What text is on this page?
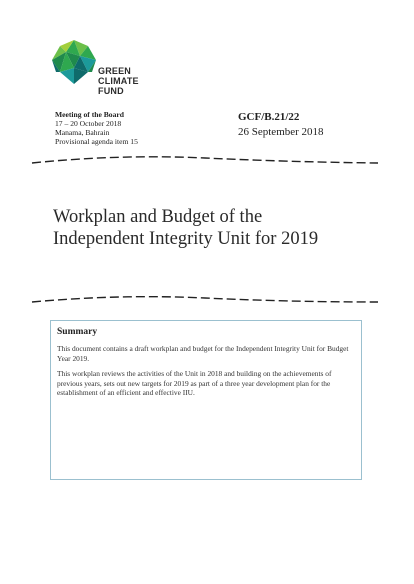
GREEN
CLIMATE
FUND
Meeting of the Board
17 – 20 October 2018
Manama, Bahrain
Provisional agenda item 15
GCF/B.21/22
26 September 2018
Workplan and Budget of the
Independent Integrity Unit for 2019
Summary

This document contains a draft workplan and budget for the Independent Integrity Unit for Budget Year 2019.

This workplan reviews the activities of the Unit in 2018 and building on the achievements of previous years, sets out new targets for 2019 as part of a three year development plan for the establishment of an efficient and effective IIU.
